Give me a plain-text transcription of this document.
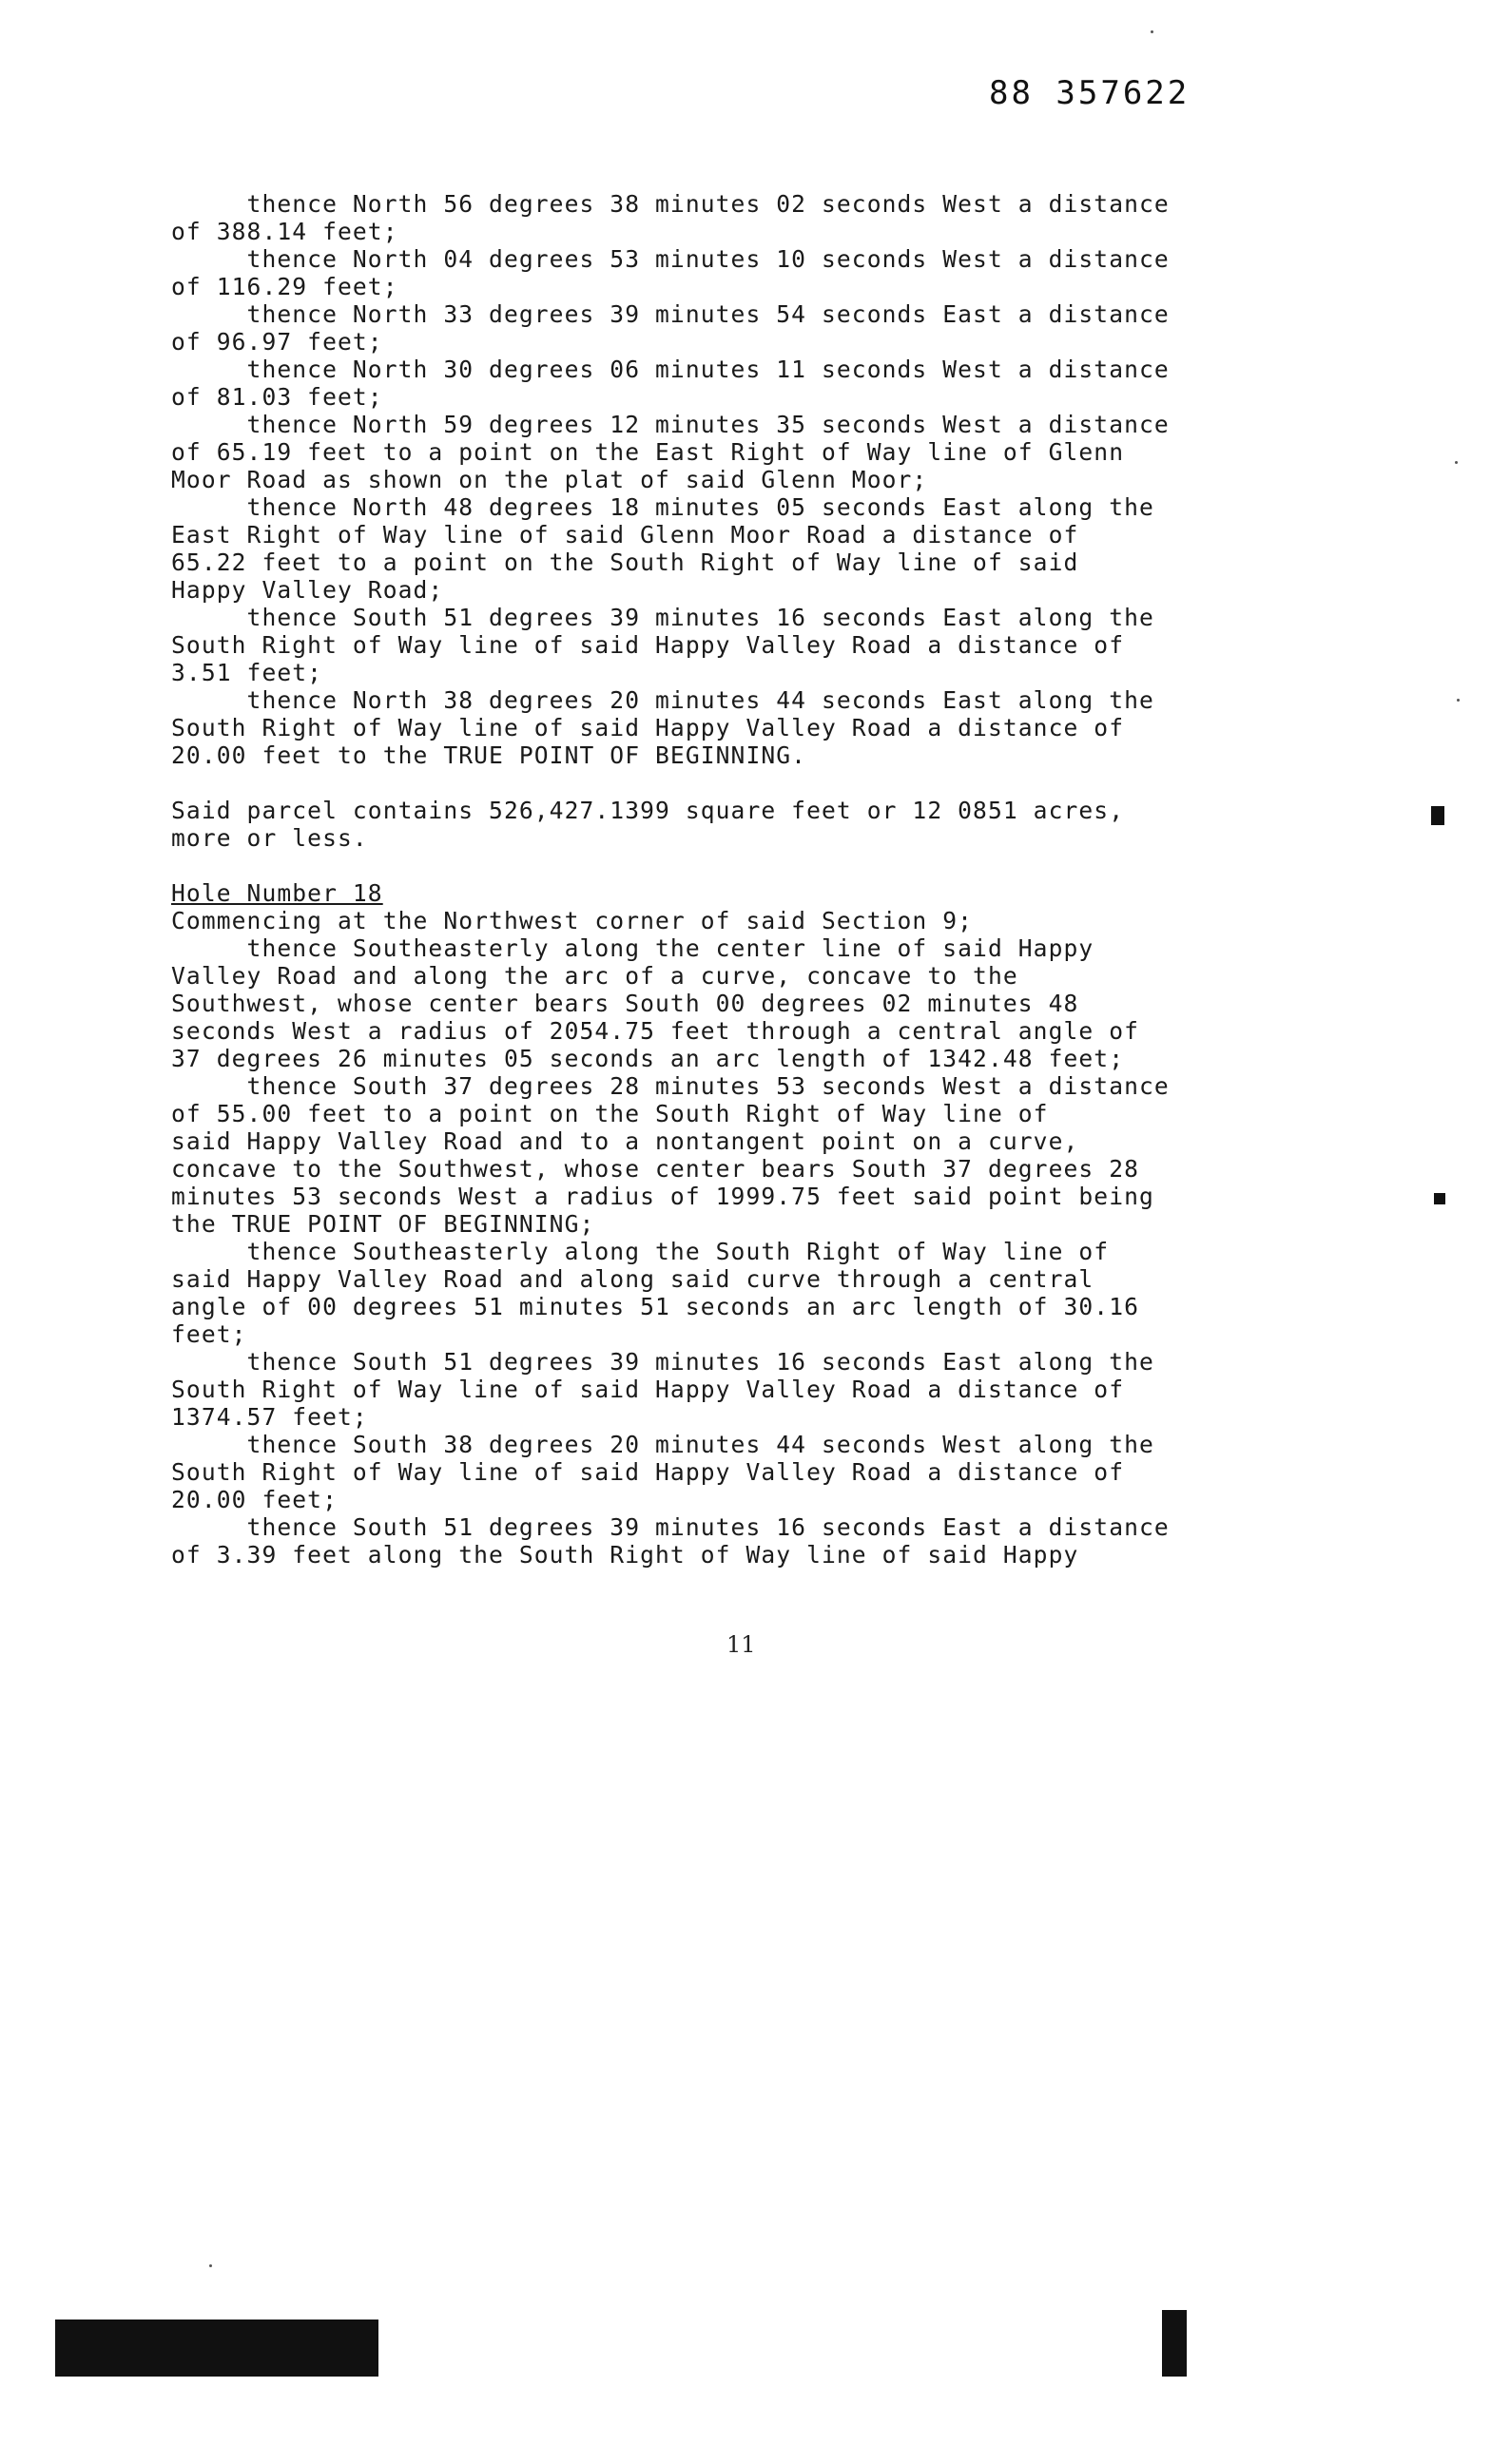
88 357622
thence North 56 degrees 38 minutes 02 seconds West a distance
of 388.14 feet;
thence North 04 degrees 53 minutes 10 seconds West a distance
of 116.29 feet;
thence North 33 degrees 39 minutes 54 seconds East a distance
of 96.97 feet;
thence North 30 degrees 06 minutes 11 seconds West a distance
of 81.03 feet;
thence North 59 degrees 12 minutes 35 seconds West a distance
of 65.19 feet to a point on the East Right of Way line of Glenn
Moor Road as shown on the plat of said Glenn Moor;
thence North 48 degrees 18 minutes 05 seconds East along the
East Right of Way line of said Glenn Moor Road a distance of
65.22 feet to a point on the South Right of Way line of said
Happy Valley Road;
thence South 51 degrees 39 minutes 16 seconds East along the
South Right of Way line of said Happy Valley Road a distance of
3.51 feet;
thence North 38 degrees 20 minutes 44 seconds East along the
South Right of Way line of said Happy Valley Road a distance of
20.00 feet to the TRUE POINT OF BEGINNING.
Said parcel contains 526,427.1399 square feet or 12 0851 acres,
more or less.
Hole Number 18
Commencing at the Northwest corner of said Section 9;
thence Southeasterly along the center line of said Happy
Valley Road and along the arc of a curve, concave to the
Southwest, whose center bears South 00 degrees 02 minutes 48
seconds West a radius of 2054.75 feet through a central angle of
37 degrees 26 minutes 05 seconds an arc length of 1342.48 feet;
thence South 37 degrees 28 minutes 53 seconds West a distance
of 55.00 feet to a point on the South Right of Way line of
said Happy Valley Road and to a nontangent point on a curve,
concave to the Southwest, whose center bears South 37 degrees 28
minutes 53 seconds West a radius of 1999.75 feet said point being
the TRUE POINT OF BEGINNING;
thence Southeasterly along the South Right of Way line of
said Happy Valley Road and along said curve through a central
angle of 00 degrees 51 minutes 51 seconds an arc length of 30.16
feet;
thence South 51 degrees 39 minutes 16 seconds East along the
South Right of Way line of said Happy Valley Road a distance of
1374.57 feet;
thence South 38 degrees 20 minutes 44 seconds West along the
South Right of Way line of said Happy Valley Road a distance of
20.00 feet;
thence South 51 degrees 39 minutes 16 seconds East a distance
of 3.39 feet along the South Right of Way line of said Happy
11
